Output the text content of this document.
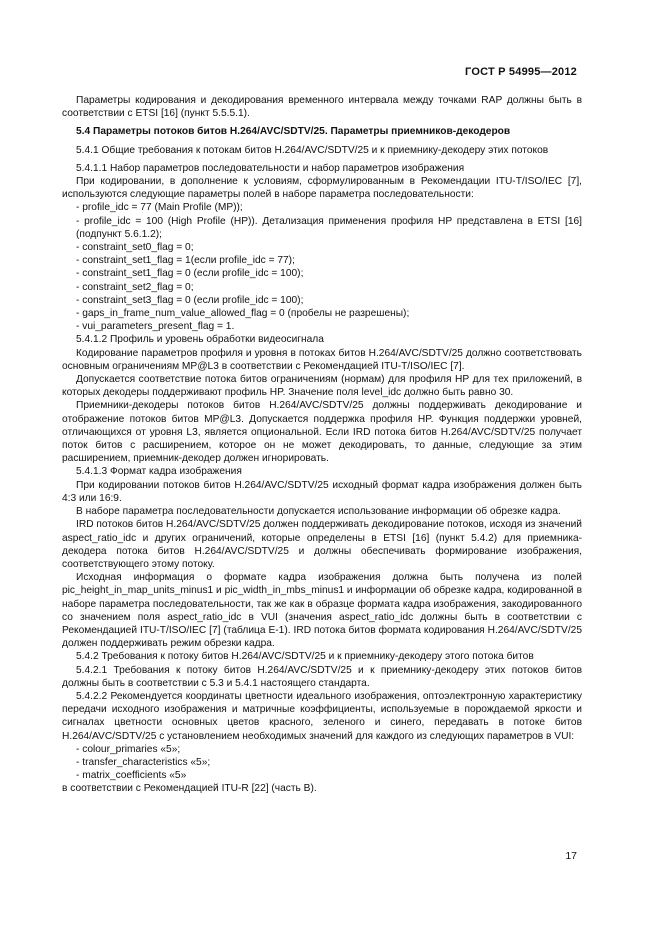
ГОСТ Р 54995—2012

Параметры кодирования и декодирования временного интервала между точками RAP должны быть в соответствии с ETSI [16] (пункт 5.5.5.1).

5.4 Параметры потоков битов H.264/AVC/SDTV/25. Параметры приемников-декодеров

5.4.1 Общие требования к потокам битов H.264/AVC/SDTV/25 и к приемнику-декодеру этих потоков

5.4.1.1 Набор параметров последовательности и набор параметров изображения

При кодировании, в дополнение к условиям, сформулированным в Рекомендации ITU-T/ISO/IEC [7], используются следующие параметры полей в наборе параметра последовательности:

- profile_idc = 77 (Main Profile (MP));

- profile_idc = 100 (High Profile (HP)). Детализация применения профиля HP представлена в ETSI [16] (подпункт 5.6.1.2);

- constraint_set0_flag = 0;

- constraint_set1_flag = 1(если profile_idc = 77);

- constraint_set1_flag = 0 (если profile_idc = 100);

- constraint_set2_flag = 0;

- constraint_set3_flag = 0 (если profile_idc = 100);

- gaps_in_frame_num_value_allowed_flag = 0 (пробелы не разрешены);

- vui_parameters_present_flag = 1.

5.4.1.2 Профиль и уровень обработки видеосигнала

Кодирование параметров профиля и уровня в потоках битов H.264/AVC/SDTV/25 должно соответствовать основным ограничениям MP@L3 в соответствии с Рекомендацией ITU-T/ISO/IEC [7].

Допускается соответствие потока битов ограничениям (нормам) для профиля HP для тех приложений, в которых декодеры поддерживают профиль HP. Значение поля level_idc должно быть равно 30.

Приемники-декодеры потоков битов H.264/AVC/SDTV/25 должны поддерживать декодирование и отображение потоков битов MP@L3. Допускается поддержка профиля HP. Функция поддержки уровней, отличающихся от уровня L3, является опциональной. Если IRD потока битов H.264/AVC/SDTV/25 получает поток битов с расширением, которое он не может декодировать, то данные, следующие за этим расширением, приемник-декодер должен игнорировать.

5.4.1.3 Формат кадра изображения

При кодировании потоков битов H.264/AVC/SDTV/25 исходный формат кадра изображения должен быть 4:3 или 16:9.

В наборе параметра последовательности допускается использование информации об обрезке кадра.

IRD потоков битов H.264/AVC/SDTV/25 должен поддерживать декодирование потоков, исходя из значений aspect_ratio_idc и других ограничений, которые определены в ETSI [16] (пункт 5.4.2) для приемника-декодера потока битов H.264/AVC/SDTV/25 и должны обеспечивать формирование изображения, соответствующего этому потоку.

Исходная информация о формате кадра изображения должна быть получена из полей pic_height_in_map_units_minus1 и pic_width_in_mbs_minus1 и информации об обрезке кадра, кодированной в наборе параметра последовательности, так же как в образце формата кадра изображения, закодированного со значением поля aspect_ratio_idc в VUI (значения aspect_ratio_idc должны быть в соответствии с Рекомендацией ITU-T/ISO/IEC [7] (таблица Е-1). IRD потока битов формата кодирования H.264/AVC/SDTV/25 должен поддерживать режим обрезки кадра.

5.4.2 Требования к потоку битов H.264/AVC/SDTV/25 и к приемнику-декодеру этого потока битов

5.4.2.1 Требования к потоку битов H.264/AVC/SDTV/25 и к приемнику-декодеру этих потоков битов должны быть в соответствии с 5.3 и 5.4.1 настоящего стандарта.

5.4.2.2 Рекомендуется координаты цветности идеального изображения, оптоэлектронную характеристику передачи исходного изображения и матричные коэффициенты, используемые в порождаемой яркости и сигналах цветности основных цветов красного, зеленого и синего, передавать в потоке битов H.264/AVC/SDTV/25 с установлением необходимых значений для каждого из следующих параметров в VUI:

- colour_primaries «5»;

- transfer_characteristics «5»;

- matrix_coefficients «5»

в соответствии с Рекомендацией ITU-R [22] (часть В).

17
